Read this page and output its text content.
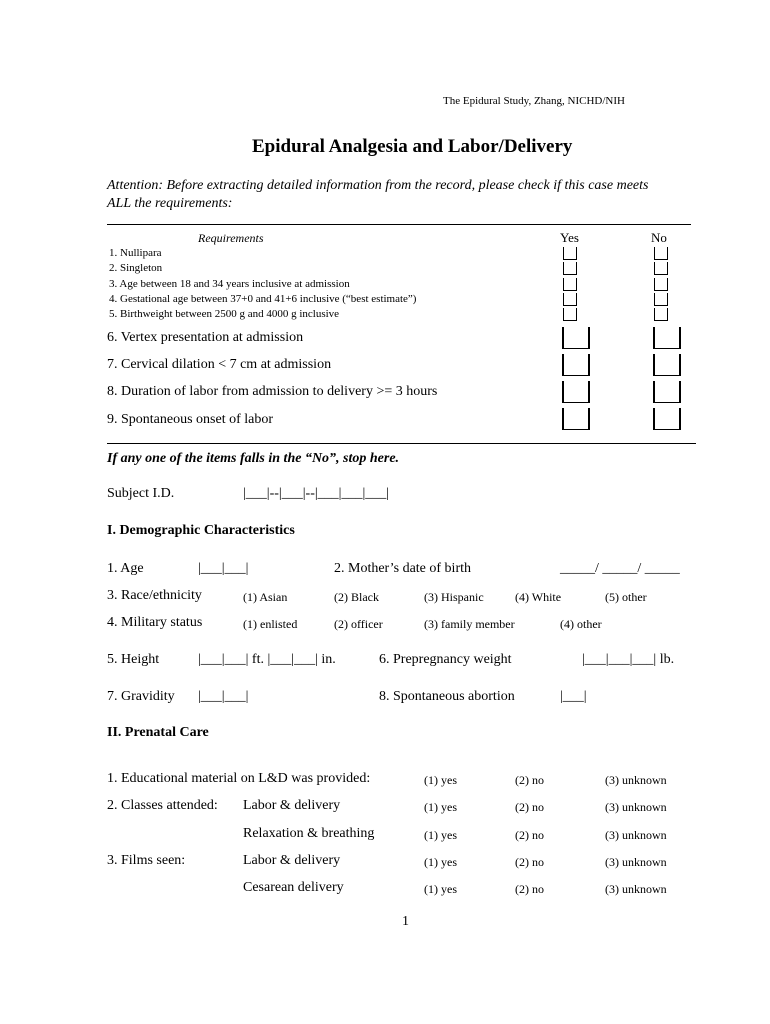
The Epidural Study, Zhang, NICHD/NIH
Epidural Analgesia and Labor/Delivery
Attention: Before extracting detailed information from the record, please check if this case meets
ALL the requirements:
Requirements	Yes	No
1. Nullipara
2. Singleton
3. Age between 18 and 34 years inclusive at admission
4. Gestational age between 37+0 and 41+6 inclusive (“best estimate”)
5. Birthweight between 2500 g and 4000 g inclusive
6. Vertex presentation at admission
7. Cervical dilation < 7 cm at admission
8. Duration of labor from admission to delivery >= 3 hours
9. Spontaneous onset of labor
If any one of the items falls in the “No”, stop here.
Subject I.D.	|___|--|___|--|___|___|___|
I. Demographic Characteristics
1. Age	|___|___|	2. Mother’s date of birth	_____/ _____/ _____
3. Race/ethnicity	(1) Asian	(2) Black	(3) Hispanic	(4) White	(5) other
4. Military status	(1) enlisted	(2) officer	(3) family member	(4) other
5. Height	|___|___| ft. |___|___| in.	6. Prepregnancy weight	|___|___|___| lb.
7. Gravidity |___|___|	8. Spontaneous abortion	|___|
II. Prenatal Care
1. Educational material on L&D was provided:	(1) yes	(2) no	(3) unknown
2. Classes attended: Labor & delivery	(1) yes	(2) no	(3) unknown
Relaxation & breathing	(1) yes	(2) no	(3) unknown
3. Films seen:	Labor & delivery	(1) yes	(2) no	(3) unknown
Cesarean delivery	(1) yes	(2) no	(3) unknown
1
